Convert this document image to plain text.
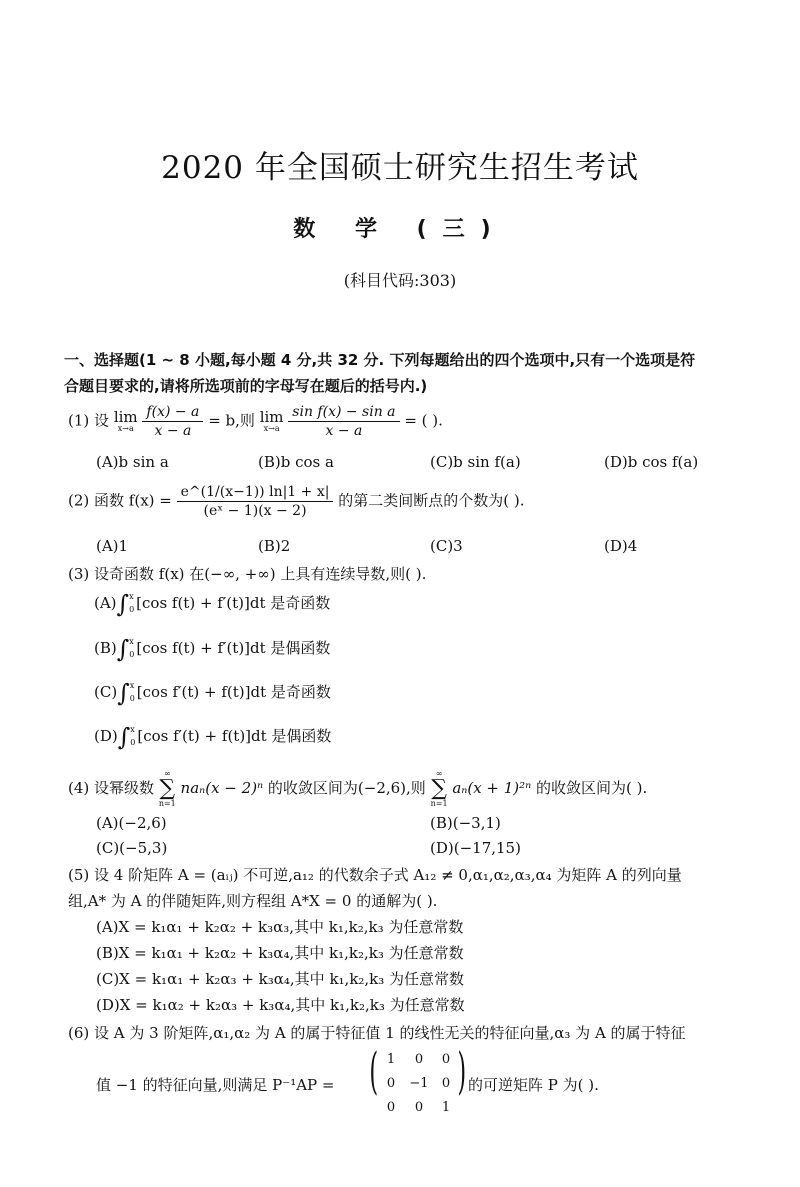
2020 年全国硕士研究生招生考试
数 学 (三)
(科目代码:303)
一、选择题(1 ~ 8 小题,每小题 4 分,共 32 分. 下列每题给出的四个选项中,只有一个选项是符
合题目要求的,请将所选项前的字母写在题后的括号内.)
(1) 设 lim
x→a
$\frac{f(x) - a}{x - a} = b$,则 lim
x→a
$\frac{\text{sin f(x) − sin a}}{x - a}$ = ( ).
(A)b sin a	(B)b cos a	(C)b sin f(a)	(D)b cos f(a)
(2) 函数 $f(x) = \frac{e\^{}(1/(x-1)) \ln|1 + x|}{\text{(eˣ − 1)(x − 2)}}$ 的第二类间断点的个数为( ).
(A)1	(B)2	(C)3	(D)4
(3) 设奇函数 f(x) 在(−∞, +∞) 上具有连续导数,则( ).
(A)∫ x
0 [cos f(t) + f′(t)]dt 是奇函数
(B)∫ x
0 [cos f(t) + f′(t)]dt 是偶函数
(C)∫ x
0 [cos f′(t) + f(t)]dt 是奇函数
(D)∫ x
0 [cos f′(t) + f(t)]dt 是偶函数
(4) 设幂级数
∞
∑
n=1
naₙ(x − 2)ⁿ 的收敛区间为(−2,6),则
∞
∑
n=1
aₙ(x + 1)²ⁿ 的收敛区间为( ).
(A)(−2,6)	(B)(−3,1)
(C)(−5,3)	(D)(−17,15)
(5) 设 4 阶矩阵 A = (aᵢⱼ) 不可逆,a₁₂ 的代数余子式 A₁₂ ≠ 0,α₁,α₂,α₃,α₄ 为矩阵 A 的列向量
组,A* 为 A 的伴随矩阵,则方程组 A*X = 0 的通解为( ).
(A)X = k₁α₁ + k₂α₂ + k₃α₃,其中 k₁,k₂,k₃ 为任意常数
(B)X = k₁α₁ + k₂α₂ + k₃α₄,其中 k₁,k₂,k₃ 为任意常数
(C)X = k₁α₁ + k₂α₃ + k₃α₄,其中 k₁,k₂,k₃ 为任意常数
(D)X = k₁α₂ + k₂α₃ + k₃α₄,其中 k₁,k₂,k₃ 为任意常数
(6) 设 A 为 3 阶矩阵,α₁,α₂ 为 A 的属于特征值 1 的线性无关的特征向量,α₃ 为 A 的属于特征
值 −1 的特征向量,则满足 P⁻¹AP = ( 1	0	0
0	−1	0
0	0	1
) 的可逆矩阵 P 为( ).
